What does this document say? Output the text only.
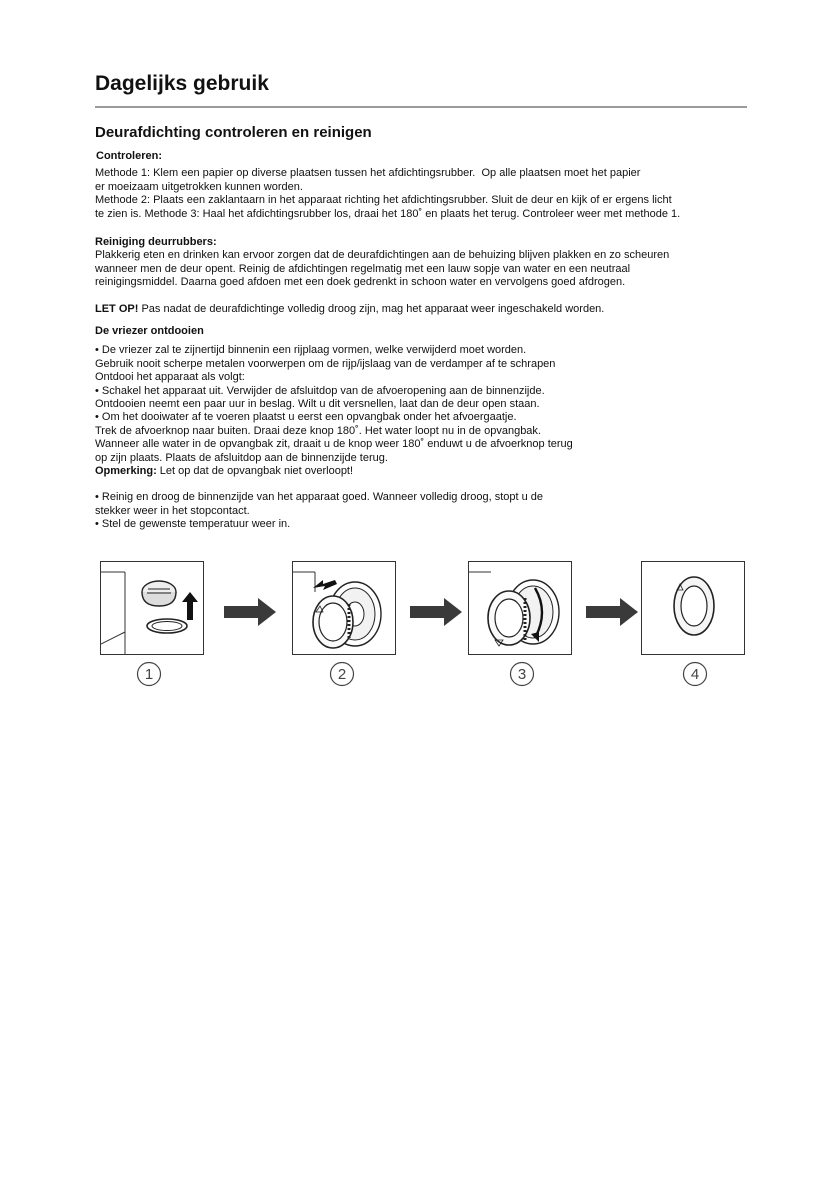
Dagelijks gebruik
Deurafdichting controleren en reinigen
Controleren:
Methode 1: Klem een papier op diverse plaatsen tussen het afdichtingsrubber.  Op alle plaatsen moet het papier
er moeizaam uitgetrokken kunnen worden.
Methode 2: Plaats een zaklantaarn in het apparaat richting het afdichtingsrubber. Sluit de deur en kijk of er ergens licht
te zien is. Methode 3: Haal het afdichtingsrubber los, draai het 180˚ en plaats het terug. Controleer weer met methode 1.
Reiniging deurrubbers:
Plakkerig eten en drinken kan ervoor zorgen dat de deurafdichtingen aan de behuizing blijven plakken en zo scheuren
wanneer men de deur opent. Reinig de afdichtingen regelmatig met een lauw sopje van water en een neutraal
reinigingsmiddel. Daarna goed afdoen met een doek gedrenkt in schoon water en vervolgens goed afdrogen.
LET OP! Pas nadat de deurafdichtinge volledig droog zijn, mag het apparaat weer ingeschakeld worden.
De vriezer ontdooien
• De vriezer zal te zijnertijd binnenin een rijplaag vormen, welke verwijderd moet worden.
Gebruik nooit scherpe metalen voorwerpen om de rijp/ijslaag van de verdamper af te schrapen
Ontdooi het apparaat als volgt:
• Schakel het apparaat uit. Verwijder de afsluitdop van de afvoeropening aan de binnenzijde.
Ontdooien neemt een paar uur in beslag. Wilt u dit versnellen, laat dan de deur open staan.
• Om het dooiwater af te voeren plaatst u eerst een opvangbak onder het afvoergaatje.
Trek de afvoerknop naar buiten. Draai deze knop 180˚. Het water loopt nu in de opvangbak.
Wanneer alle water in de opvangbak zit, draait u de knop weer 180˚ enduwt u de afvoerknop terug
op zijn plaats. Plaats de afsluitdop aan de binnenzijde terug.
Opmerking: Let op dat de opvangbak niet overloopt!
• Reinig en droog de binnenzijde van het apparaat goed. Wanneer volledig droog, stopt u de
stekker weer in het stopcontact.
• Stel de gewenste temperatuur weer in.
1	2	3	4
